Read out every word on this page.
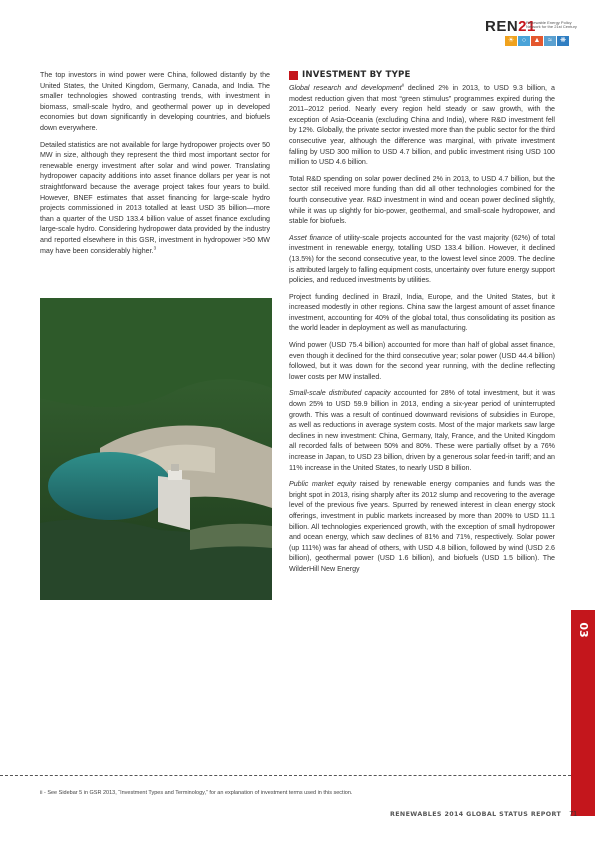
REN21
Renewable Energy Policy Network for the 21st Century
☀	○	▲	≈	❋

The top investors in wind power were China, followed distantly by the United States, the United Kingdom, Germany, Canada, and India. The smaller technologies showed contrasting trends, with investment in biomass, small-scale hydro, and geothermal power up in developed economies but down significantly in developing countries, and biofuels down everywhere.

Detailed statistics are not available for large hydropower projects over 50 MW in size, although they represent the third most important sector for renewable energy investment after solar and wind power. Translating hydropower capacity additions into asset finance dollars per year is not straightforward because the average project takes four years to build. However, BNEF estimates that asset financing for large-scale hydro projects commissioned in 2013 totalled at least USD 35 billion—more than a quarter of the USD 133.4 billion value of asset finance excluding large-scale hydro. Considering hydropower data provided by the industry and reported elsewhere in this GSR, investment in hydropower >50 MW may have been considerably higher.$^3$

INVESTMENT BY TYPE

Global research and development$^{ii}$ declined 2% in 2013, to USD 9.3 billion, a modest reduction given that most “green stimulus” programmes expired during the 2011–2012 period. Nearly every region held steady or saw growth, with the exception of Asia-Oceania (excluding China and India), where R&D investment fell by 12%. Globally, the private sector invested more than the public sector for the third consecutive year, although the difference was marginal, with private investment falling by USD 300 million to USD 4.7 billion, and public investment rising USD 100 million to USD 4.6 billion.

Total R&D spending on solar power declined 2% in 2013, to USD 4.7 billion, but the sector still received more funding than did all other technologies combined for the fourth consecutive year. R&D investment in wind and ocean power declined slightly, while it was up slightly for bio-power, geothermal, and small-scale hydropower, and stable for biofuels.

Asset finance of utility-scale projects accounted for the vast majority (62%) of total investment in renewable energy, totalling USD 133.4 billion. However, it declined (13.5%) for the second consecutive year, to the lowest level since 2009. The decline is attributed largely to falling equipment costs, uncertainty over future energy support policies, and reduced investments by utilities.

Project funding declined in Brazil, India, Europe, and the United States, but it increased modestly in other regions. China saw the largest amount of asset finance investment, accounting for 40% of the global total, thus consolidating its position as the world leader in deployment as well as manufacturing.

Wind power (USD 75.4 billion) accounted for more than half of global asset finance, even though it declined for the third consecutive year; solar power (USD 44.4 billion) followed, but it was down for the second year running, with the decline reflecting lower costs per MW installed.

Small-scale distributed capacity accounted for 28% of total investment, but it was down 25% to USD 59.9 billion in 2013, ending a six-year period of uninterrupted growth. This was a result of continued downward revisions of subsidies in Europe, as well as reductions in average system costs. Most of the major markets saw large declines in new investment: China, Germany, Italy, France, and the United Kingdom all recorded falls of between 50% and 80%. These were partially offset by a 76% increase in Japan, to USD 23 billion, driven by a generous solar feed-in tariff; and an 11% increase in the United States, to nearly USD 8 billion.

Public market equity raised by renewable energy companies and funds was the bright spot in 2013, rising sharply after its 2012 slump and recovering to the average level of the previous five years. Spurred by renewed interest in clean energy stock offerings, investment in public markets increased by more than 200% to USD 11.1 billion. All technologies experienced growth, with the exception of small hydropower and ocean energy, which saw declines of 81% and 71%, respectively. Solar power (up 111%) was far ahead of others, with USD 4.8 billion, followed by wind (USD 2.6 billion), geothermal power (USD 1.6 billion), and biofuels (USD 1.5 billion). The WilderHill New Energy

03
ii - See Sidebar 5 in GSR 2013, “Investment Types and Terminology,” for an explanation of investment terms used in this section.
RENEWABLES 2014 GLOBAL STATUS REPORT 71
